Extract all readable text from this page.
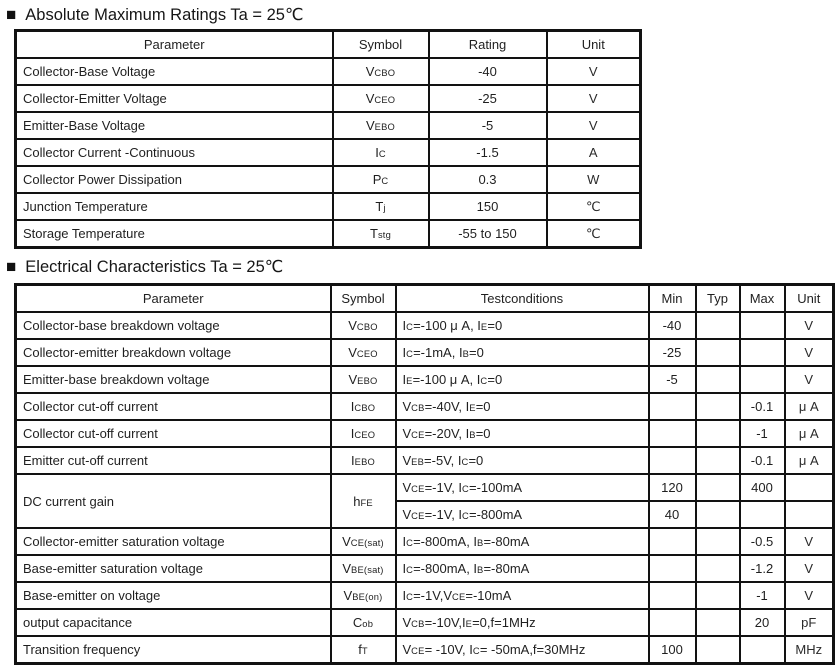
■ Absolute Maximum Ratings Ta = 25℃
Parameter	Symbol	Rating	Unit
Collector-Base Voltage	VCBO	-40	V
Collector-Emitter Voltage	VCEO	-25	V
Emitter-Base Voltage	VEBO	-5	V
Collector Current -Continuous	IC	-1.5	A
Collector Power Dissipation	PC	0.3	W
Junction Temperature	Tj	150	℃
Storage Temperature	Tstg	-55 to 150	℃
■ Electrical Characteristics Ta = 25℃
Parameter	Symbol	Testconditions	Min	Typ	Max	Unit
Collector-base breakdown voltage	VCBO	IC=-100 μ A, IE=0	-40			V
Collector-emitter breakdown voltage	VCEO	IC=-1mA, IB=0	-25			V
Emitter-base breakdown voltage	VEBO	IE=-100 μ A, IC=0	-5			V
Collector cut-off current	ICBO	VCB=-40V, IE=0			-0.1	μ A
Collector cut-off current	ICEO	VCE=-20V, IB=0			-1	μ A
Emitter cut-off current	IEBO	VEB=-5V, IC=0			-0.1	μ A
DC current gain	hFE	VCE=-1V, IC=-100mA	120		400	
		VCE=-1V, IC=-800mA	40			
Collector-emitter saturation voltage	VCE(sat)	IC=-800mA, IB=-80mA			-0.5	V
Base-emitter saturation voltage	VBE(sat)	IC=-800mA, IB=-80mA			-1.2	V
Base-emitter on voltage	VBE(on)	IC=-1V,VCE=-10mA			-1	V
output capacitance	Cob	VCB=-10V,IE=0,f=1MHz			20	pF
Transition frequency	fT	VCE= -10V, IC= -50mA,f=30MHz	100			MHz
